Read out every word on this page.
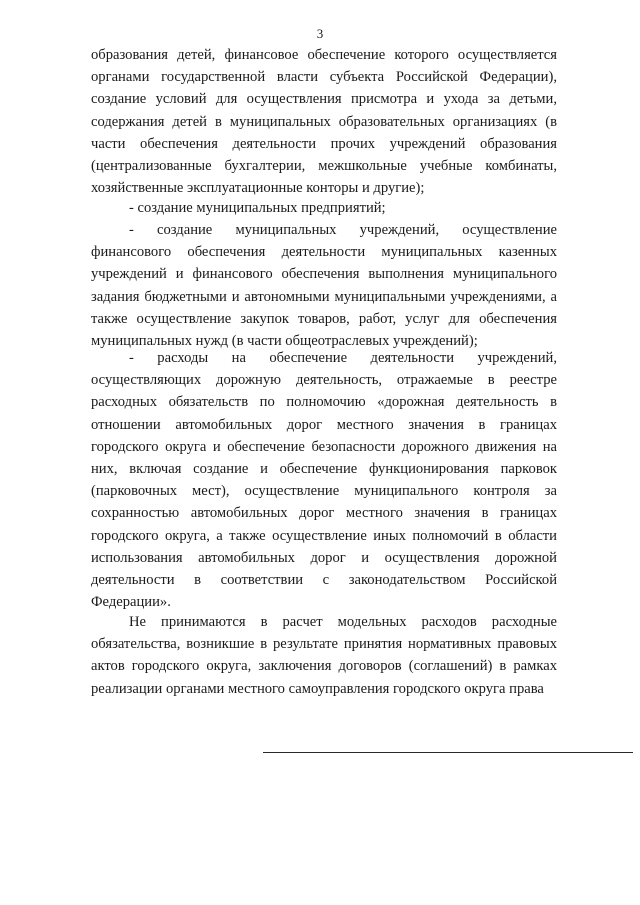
3

образования детей, финансовое обеспечение которого осуществляется органами государственной власти субъекта Российской Федерации), создание условий для осуществления присмотра и ухода за детьми, содержания детей в муниципальных образовательных организациях (в части обеспечения деятельности прочих учреждений образования (централизованные бухгалтерии, межшкольные учебные комбинаты, хозяйственные эксплуатационные конторы и другие);

- создание муниципальных предприятий;

- создание муниципальных учреждений, осуществление финансового обеспечения деятельности муниципальных казенных учреждений и финансового обеспечения выполнения муниципального задания бюджетными и автономными муниципальными учреждениями, а также осуществление закупок товаров, работ, услуг для обеспечения муниципальных нужд (в части общеотраслевых учреждений);

- расходы на обеспечение деятельности учреждений, осуществляющих дорожную деятельность, отражаемые в реестре расходных обязательств по полномочию «дорожная деятельность в отношении автомобильных дорог местного значения в границах городского округа и обеспечение безопасности дорожного движения на них, включая создание и обеспечение функционирования парковок (парковочных мест), осуществление муниципального контроля за сохранностью автомобильных дорог местного значения в границах городского округа, а также осуществление иных полномочий в области использования автомобильных дорог и осуществления дорожной деятельности в соответствии с законодательством Российской Федерации».

Не принимаются в расчет модельных расходов расходные обязательства, возникшие в результате принятия нормативных правовых актов городского округа, заключения договоров (соглашений) в рамках реализации органами местного самоуправления городского округа права
